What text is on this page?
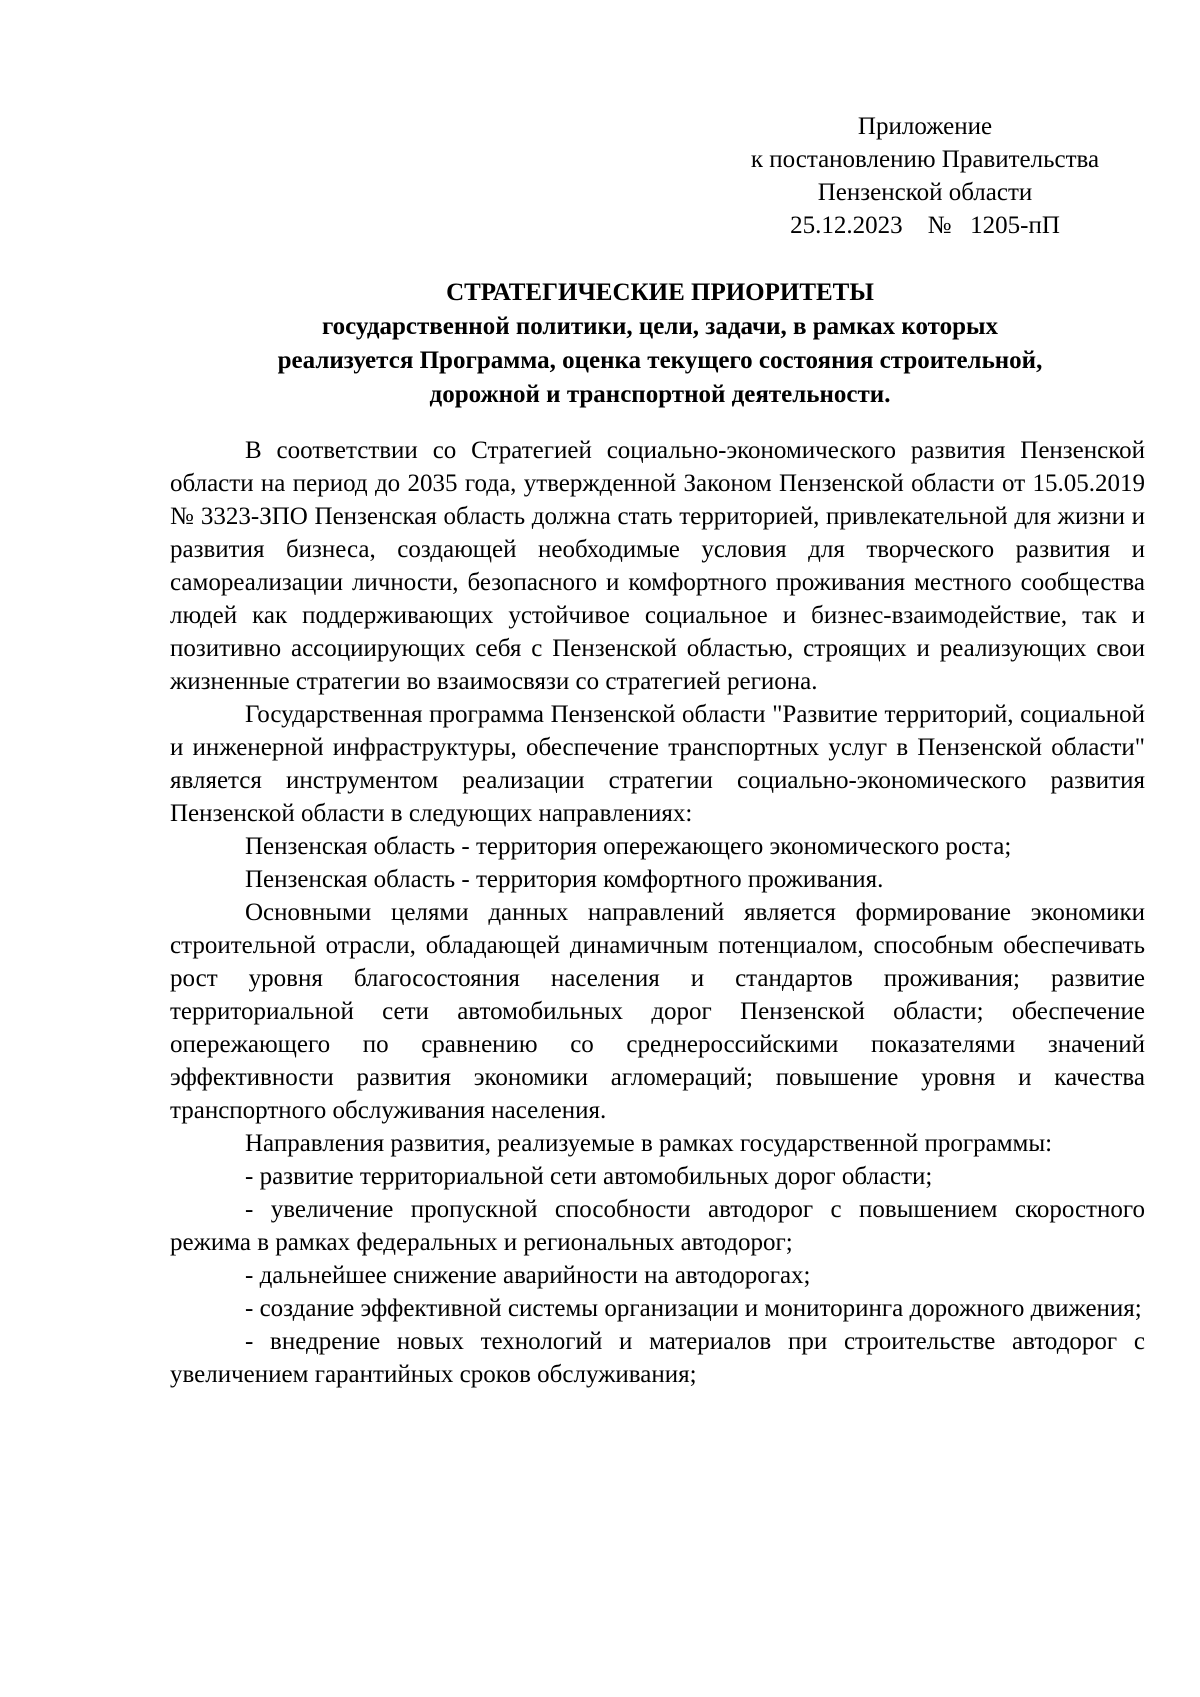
Приложение
к постановлению Правительства
Пензенской области
25.12.2023    №   1205-пП
СТРАТЕГИЧЕСКИЕ ПРИОРИТЕТЫ
государственной политики, цели, задачи, в рамках которых
реализуется Программа, оценка текущего состояния строительной,
дорожной и транспортной деятельности.

В соответствии со Стратегией социально-экономического развития Пензенской области на период до 2035 года, утвержденной Законом Пензенской области от 15.05.2019 № 3323-ЗПО Пензенская область должна стать территорией, привлекательной для жизни и развития бизнеса, создающей необходимые условия для творческого развития и самореализации личности, безопасного и комфортного проживания местного сообщества людей как поддерживающих устойчивое социальное и бизнес-взаимодействие, так и позитивно ассоциирующих себя с Пензенской областью, строящих и реализующих свои жизненные стратегии во взаимосвязи со стратегией региона.

Государственная программа Пензенской области "Развитие территорий, социальной и инженерной инфраструктуры, обеспечение транспортных услуг в Пензенской области" является инструментом реализации стратегии социально-экономического развития Пензенской области в следующих направлениях:

Пензенская область - территория опережающего экономического роста;

Пензенская область - территория комфортного проживания.

Основными целями данных направлений является формирование экономики строительной отрасли, обладающей динамичным потенциалом, способным обеспечивать рост уровня благосостояния населения и стандартов проживания; развитие территориальной сети автомобильных дорог Пензенской области; обеспечение опережающего по сравнению со среднероссийскими показателями значений эффективности развития экономики агломераций; повышение уровня и качества транспортного обслуживания населения.

Направления развития, реализуемые в рамках государственной программы:

- развитие территориальной сети автомобильных дорог области;

- увеличение пропускной способности автодорог с повышением скоростного режима в рамках федеральных и региональных автодорог;

- дальнейшее снижение аварийности на автодорогах;

- создание эффективной системы организации и мониторинга дорожного движения;

- внедрение новых технологий и материалов при строительстве автодорог с увеличением гарантийных сроков обслуживания;
